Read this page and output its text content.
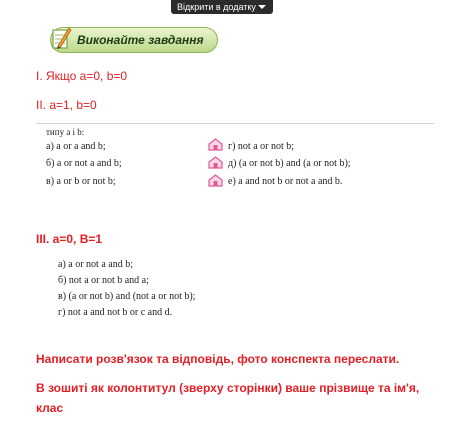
Відкрити в додатку
Виконайте завдання
І. Якщо a=0, b=0
ІІ. a=1, b=0
типу a і b:
а) a or a and b;
б) a or not a and b;
в) a or b or not b;
г) not a or not b;
д) (a or not b) and (a or not b);
е) a and not b or not a and b.
ІІІ. a=0, B=1
а) a or not a and b;
б) not a or not b and a;
в) (a or not b) and (not a or not b);
г) not a and not b or c and d.
Написати розв'язок та відповідь, фото конспекта переслати.
В зошиті як колонтитул (зверху сторінки) ваше прізвище та ім'я,
клас
